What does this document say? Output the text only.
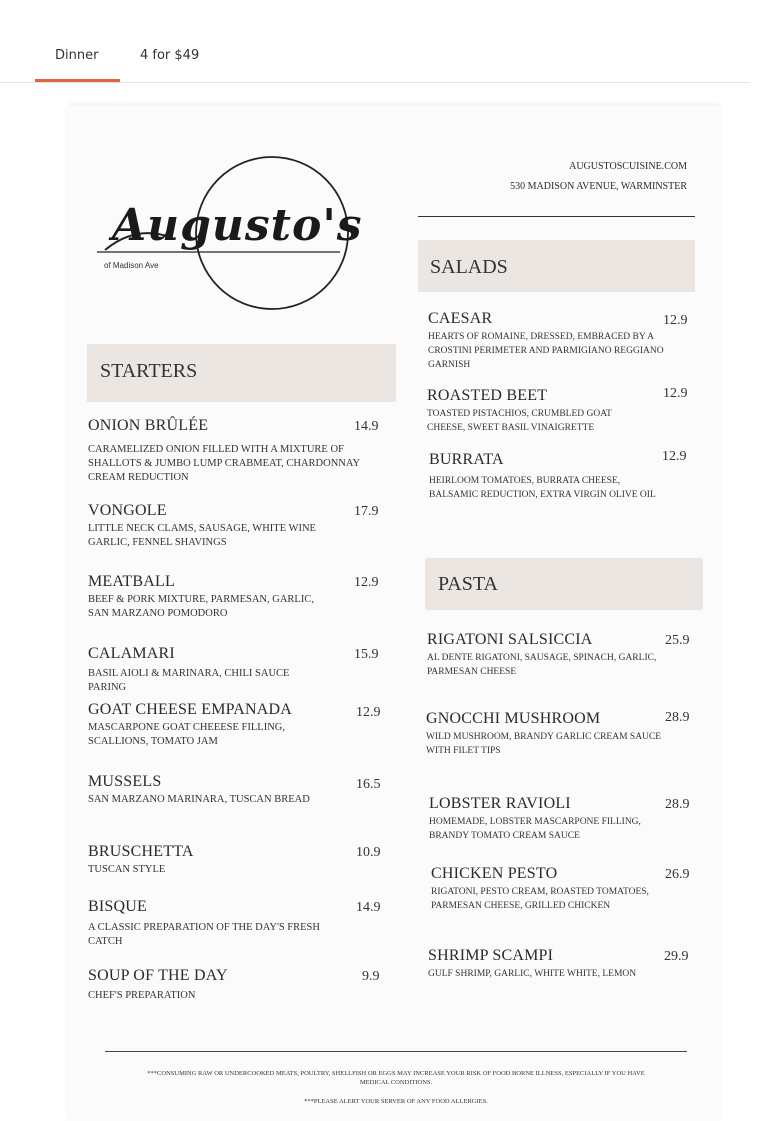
Dinner	4 for $49
Augusto's
of Madison Ave
AUGUSTOSCUISINE.COM
530 MADISON AVENUE, WARMINSTER
STARTERS
ONION BRÛLÉE
CARAMELIZED ONION FILLED WITH A MIXTURE OF SHALLOTS & JUMBO LUMP CRABMEAT, CHARDONNAY CREAM REDUCTION
14.9
VONGOLE
LITTLE NECK CLAMS, SAUSAGE, WHITE WINE GARLIC, FENNEL SHAVINGS
17.9
MEATBALL
BEEF & PORK MIXTURE, PARMESAN, GARLIC, SAN MARZANO POMODORO
12.9
CALAMARI
BASIL AIOLI & MARINARA, CHILI SAUCE PARING
15.9
GOAT CHEESE EMPANADA
MASCARPONE GOAT CHEEESE FILLING, SCALLIONS, TOMATO JAM
12.9
MUSSELS
SAN MARZANO MARINARA, TUSCAN BREAD
16.5
BRUSCHETTA
TUSCAN STYLE
10.9
BISQUE
A CLASSIC PREPARATION OF THE DAY'S FRESH CATCH
14.9
SOUP OF THE DAY
CHEF'S PREPARATION
9.9
SALADS
CAESAR
HEARTS OF ROMAINE, DRESSED, EMBRACED BY A CROSTINI PERIMETER AND PARMIGIANO REGGIANO GARNISH
12.9
ROASTED BEET
TOASTED PISTACHIOS, CRUMBLED GOAT CHEESE, SWEET BASIL VINAIGRETTE
12.9
BURRATA
HEIRLOOM TOMATOES, BURRATA CHEESE, BALSAMIC REDUCTION, EXTRA VIRGIN OLIVE OIL
12.9
PASTA
RIGATONI SALSICCIA
AL DENTE RIGATONI, SAUSAGE, SPINACH, GARLIC, PARMESAN CHEESE
25.9
GNOCCHI MUSHROOM
WILD MUSHROOM, BRANDY GARLIC CREAM SAUCE WITH FILET TIPS
28.9
LOBSTER RAVIOLI
HOMEMADE, LOBSTER MASCARPONE FILLING, BRANDY TOMATO CREAM SAUCE
28.9
CHICKEN PESTO
RIGATONI, PESTO CREAM, ROASTED TOMATOES, PARMESAN CHEESE, GRILLED CHICKEN
26.9
SHRIMP SCAMPI
GULF SHRIMP, GARLIC, WHITE WHITE, LEMON
29.9
***CONSUMING RAW OR UNDERCOOKED MEATS, POULTRY, SHELLFISH OR EGGS MAY INCREASE YOUR RISK OF FOOD BORNE ILLNESS, ESPECIALLY IF YOU HAVE MEDICAL CONDITIONS.
***PLEASE ALERT YOUR SERVER OF ANY FOOD ALLERGIES.
